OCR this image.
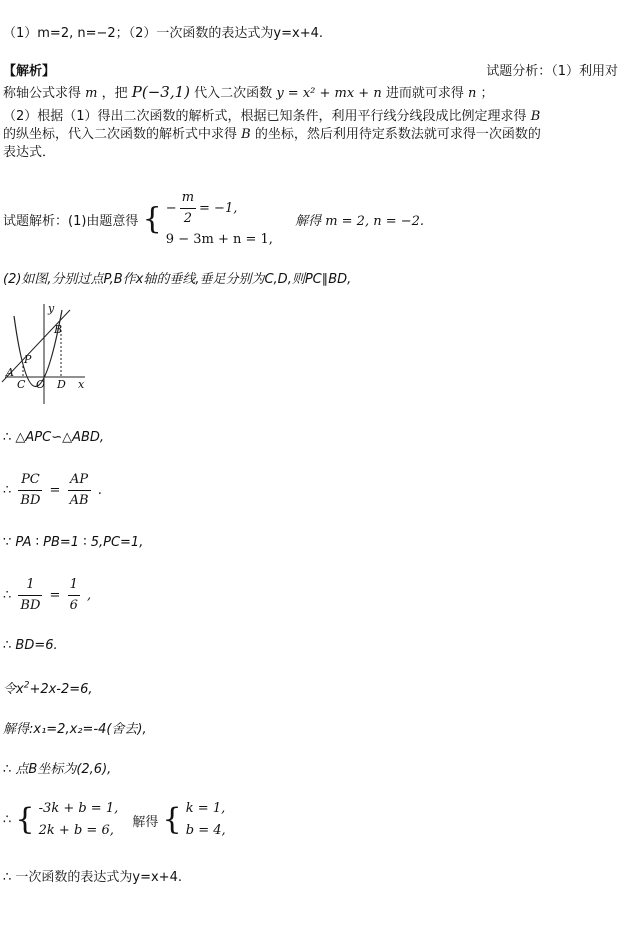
（1）m=2, n=−2；（2）一次函数的表达式为y=x+4.
【解析】	试题分析：（1）利用对
称轴公式求得 m ，把 P(−3,1) 代入二次函数 y = x² + mx + n 进而就可求得 n ；
（2）根据（1）得出二次函数的解析式，根据已知条件，利用平行线分线段成比例定理求得 B
的纵坐标，代入二次函数的解析式中求得 B 的坐标，然后利用待定系数法就可求得一次函数的
表达式．
试题解析：(1)由题意得 { − $\frac{m}{2} = -1$,
9 − 3m + n = 1,
解得 m = 2, n = −2.
(2)如图,分别过点P,B作x轴的垂线,垂足分别为C,D,则PC∥BD,
y
x
B
P
A
C O D
∴ △APC∽△ABD,
∴ $\frac{PC}{BD} = \frac{AP}{AB}$ .
∵ PA ∶ PB=1 ∶ 5,PC=1,
∴ $\frac{1}{BD} = \frac{1}{6}$ ,
∴ BD=6.
令$x^2+2x-2=6$,
解得:x₁=2,x₂=-4(舍去),
∴ 点B坐标为(2,6),
∴ { -3k + b = 1,
2k + b = 6,
解得 { k = 1,
b = 4,
∴ 一次函数的表达式为y=x+4.
